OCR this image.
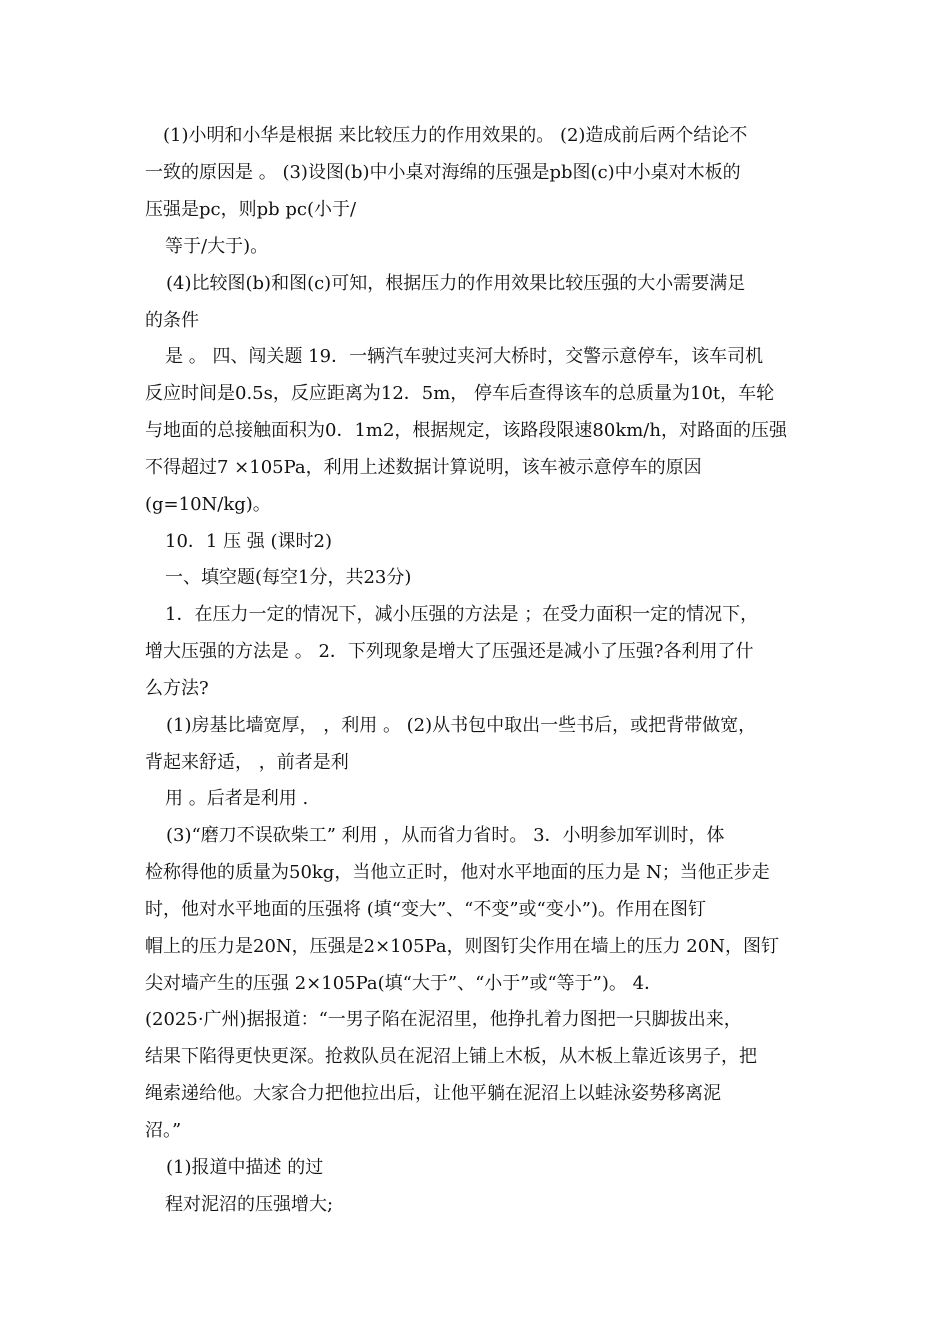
(1)小明和小华是根据 来比较压力的作用效果的。 (2)造成前后两个结论不
一致的原因是 。 (3)设图(b)中小桌对海绵的压强是pb图(c)中小桌对木板的
压强是pc，则pb pc(小于/
等于/大于)。
(4)比较图(b)和图(c)可知，根据压力的作用效果比较压强的大小需要满足
的条件
是 。 四、闯关题 19．一辆汽车驶过夹河大桥时，交警示意停车，该车司机
反应时间是0.5s，反应距离为12．5m， 停车后查得该车的总质量为10t，车轮
与地面的总接触面积为0．1m2，根据规定，该路段限速80km/h，对路面的压强
不得超过7 ×105Pa，利用上述数据计算说明，该车被示意停车的原因
(g=10N/kg)。
10．1 压 强 (课时2)
一、填空题(每空1分，共23分)
1．在压力一定的情况下，减小压强的方法是 ；在受力面积一定的情况下，
增大压强的方法是 。 2．下列现象是增大了压强还是减小了压强?各利用了什
么方法?
(1)房基比墙宽厚， ，利用 。 (2)从书包中取出一些书后，或把背带做宽，
背起来舒适， ，前者是利
用 。后者是利用 .
(3)“磨刀不误砍柴工” 利用 ，从而省力省时。 3．小明参加军训时，体
检称得他的质量为50kg，当他立正时，他对水平地面的压力是 N；当他正步走
时，他对水平地面的压强将 (填“变大”、“不变”或“变小”)。作用在图钉
帽上的压力是20N，压强是2×105Pa，则图钉尖作用在墙上的压力 20N，图钉
尖对墙产生的压强 2×105Pa(填“大于”、“小于”或“等于”)。 4．
(2025·广州)据报道：“一男子陷在泥沼里，他挣扎着力图把一只脚拔出来，
结果下陷得更快更深。抢救队员在泥沼上铺上木板，从木板上靠近该男子，把
绳索递给他。大家合力把他拉出后，让他平躺在泥沼上以蛙泳姿势移离泥
沼。”
(1)报道中描述 的过
程对泥沼的压强增大;
